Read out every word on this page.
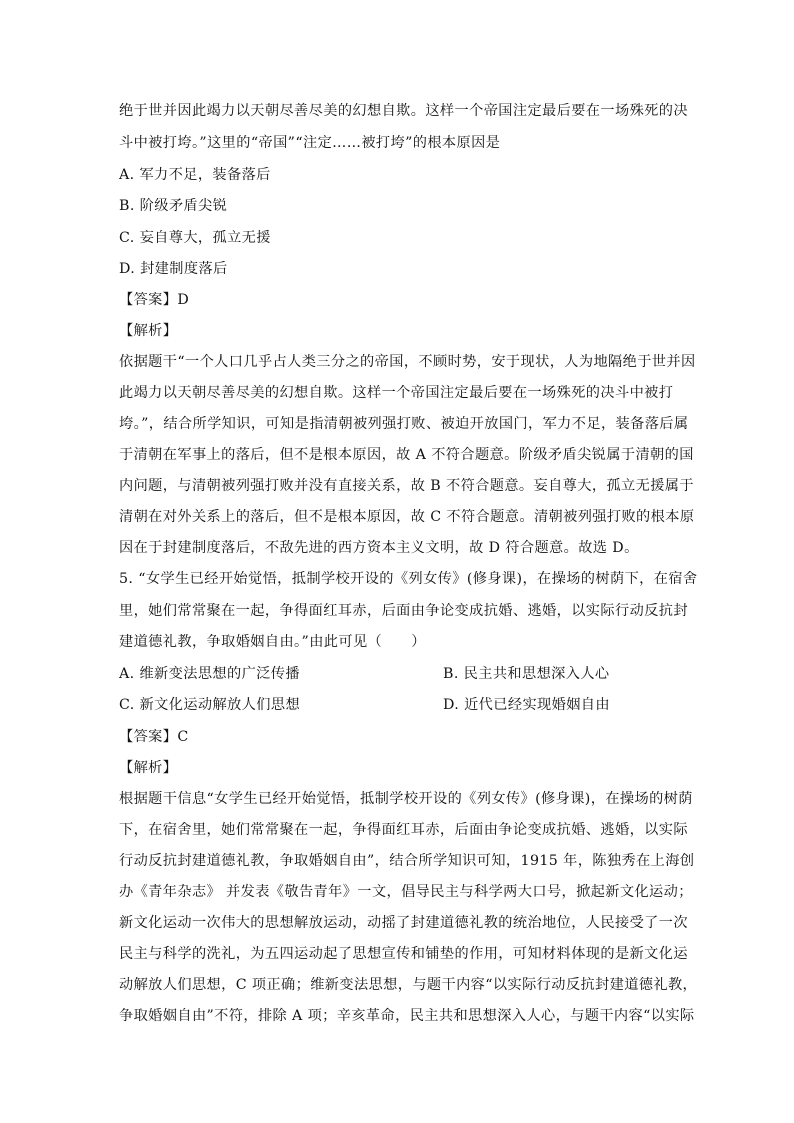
绝于世并因此竭力以天朝尽善尽美的幻想自欺。这样一个帝国注定最后要在一场殊死的决
斗中被打垮。”这里的“帝国”“注定……被打垮”的根本原因是
A. 军力不足，装备落后
B. 阶级矛盾尖锐
C. 妄自尊大，孤立无援
D. 封建制度落后
【答案】D
【解析】
依据题干“一个人口几乎占人类三分之的帝国，不顾时势，安于现状，人为地隔绝于世并因
此竭力以天朝尽善尽美的幻想自欺。这样一个帝国注定最后要在一场殊死的决斗中被打
垮。”，结合所学知识，可知是指清朝被列强打败、被迫开放国门，军力不足，装备落后属
于清朝在军事上的落后，但不是根本原因，故 A 不符合题意。阶级矛盾尖锐属于清朝的国
内问题，与清朝被列强打败并没有直接关系，故 B 不符合题意。妄自尊大，孤立无援属于
清朝在对外关系上的落后，但不是根本原因，故 C 不符合题意。清朝被列强打败的根本原
因在于封建制度落后，不敌先进的西方资本主义文明，故 D 符合题意。故选 D。
5. “女学生已经开始觉悟，抵制学校开设的《列女传》(修身课)，在操场的树荫下，在宿舍
里，她们常常聚在一起，争得面红耳赤，后面由争论变成抗婚、逃婚，以实际行动反抗封
建道德礼教，争取婚姻自由。”由此可见（　　）
A. 维新变法思想的广泛传播	B. 民主共和思想深入人心
C. 新文化运动解放人们思想	D. 近代已经实现婚姻自由
【答案】C
【解析】
根据题干信息“女学生已经开始觉悟，抵制学校开设的《列女传》(修身课)，在操场的树荫
下，在宿舍里，她们常常聚在一起，争得面红耳赤，后面由争论变成抗婚、逃婚，以实际
行动反抗封建道德礼教，争取婚姻自由”，结合所学知识可知，1915 年，陈独秀在上海创
办《青年杂志》 并发表《敬告青年》一文，倡导民主与科学两大口号，掀起新文化运动；
新文化运动一次伟大的思想解放运动，动摇了封建道德礼教的统治地位，人民接受了一次
民主与科学的洗礼，为五四运动起了思想宣传和铺垫的作用，可知材料体现的是新文化运
动解放人们思想，C 项正确；维新变法思想，与题干内容“以实际行动反抗封建道德礼教，
争取婚姻自由”不符，排除 A 项；辛亥革命，民主共和思想深入人心，与题干内容“以实际
